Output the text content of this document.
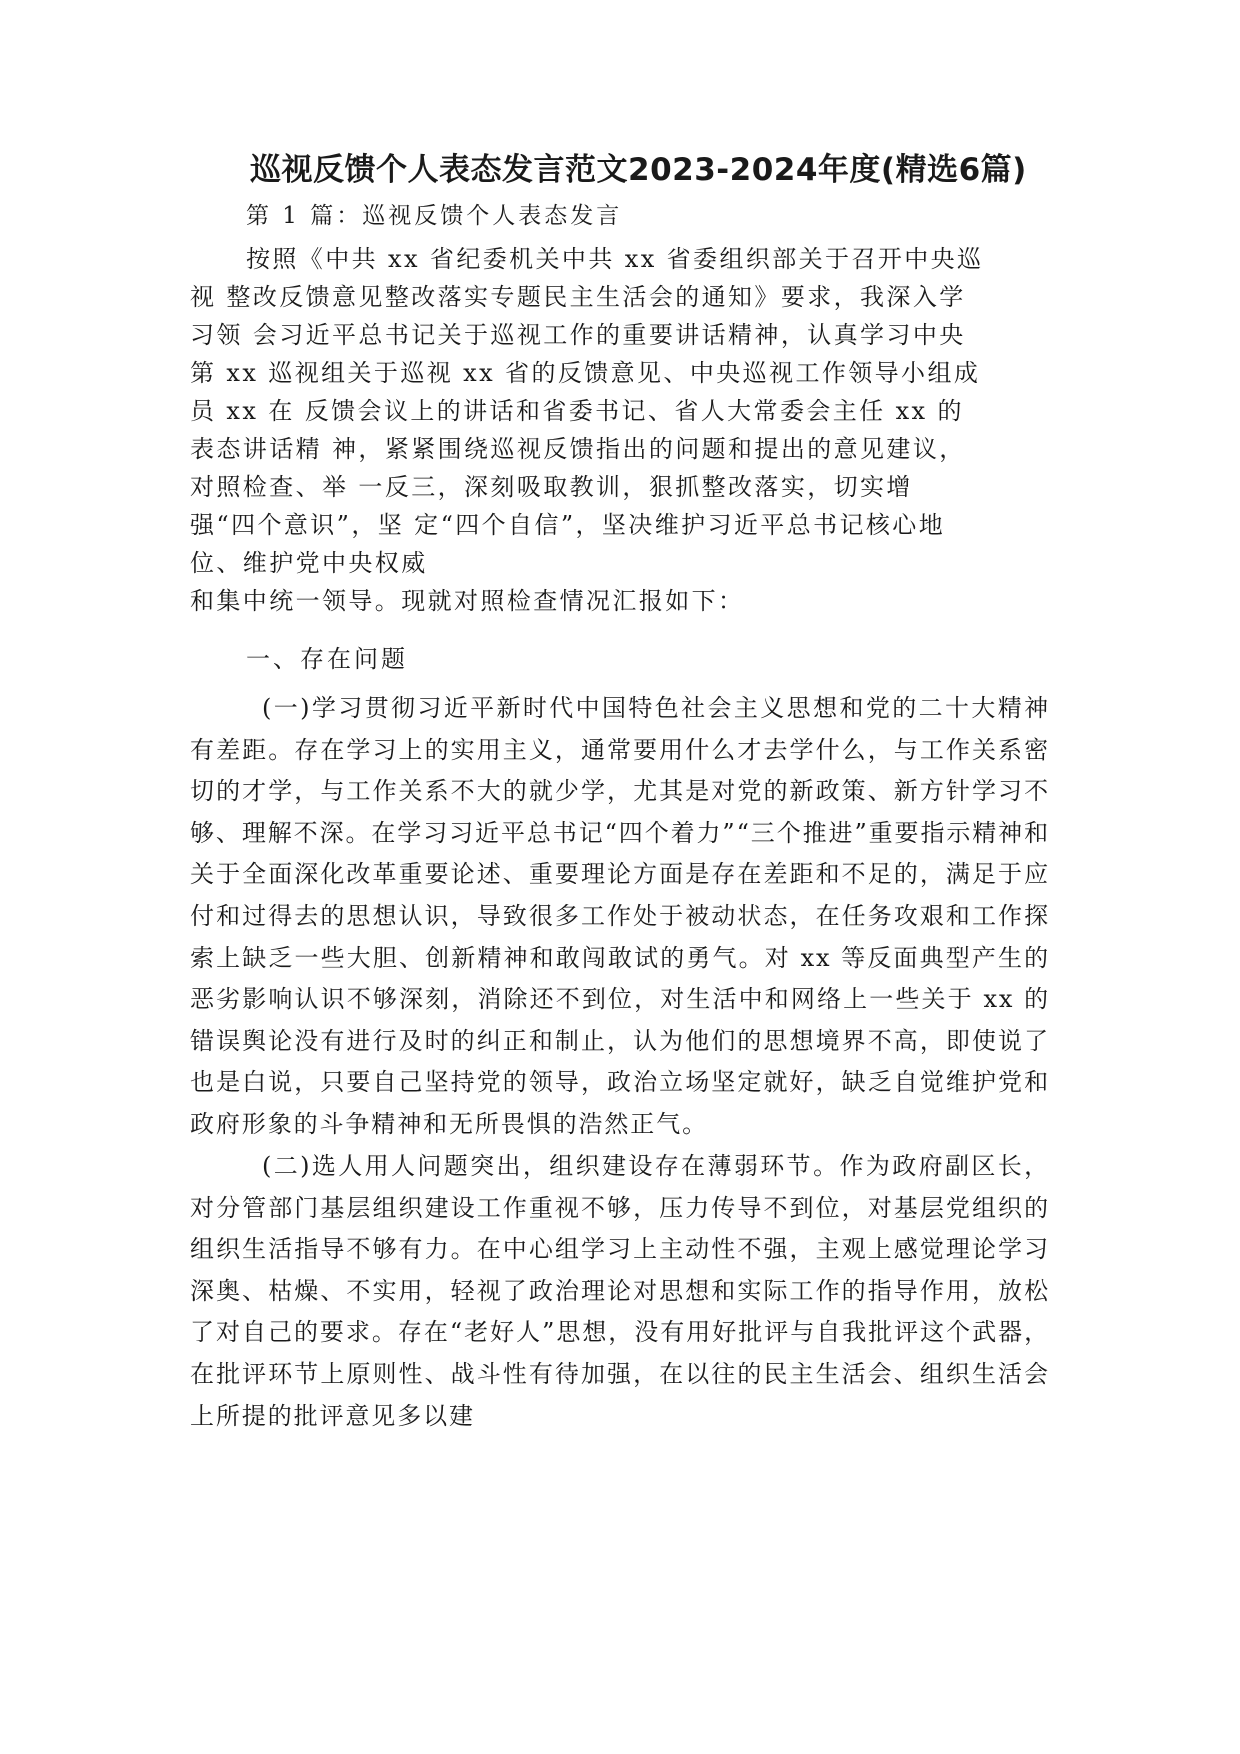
巡视反馈个人表态发言范文2023-2024年度(精选6篇)
第 1 篇：巡视反馈个人表态发言
按照《中共 xx 省纪委机关中共 xx 省委组织部关于召开中央巡
视 整改反馈意见整改落实专题民主生活会的通知》要求，我深入学
习领 会习近平总书记关于巡视工作的重要讲话精神，认真学习中央
第 xx 巡视组关于巡视 xx 省的反馈意见、中央巡视工作领导小组成
员 xx 在 反馈会议上的讲话和省委书记、省人大常委会主任 xx 的
表态讲话精 神，紧紧围绕巡视反馈指出的问题和提出的意见建议，
对照检查、举 一反三，深刻吸取教训，狠抓整改落实，切实增
强“四个意识”，坚 定“四个自信”，坚决维护习近平总书记核心地
位、维护党中央权威
和集中统一领导。现就对照检查情况汇报如下：
一、存在问题

(一)学习贯彻习近平新时代中国特色社会主义思想和党的二十大精神有差距。存在学习上的实用主义，通常要用什么才去学什么，与工作关系密切的才学，与工作关系不大的就少学，尤其是对党的新政策、新方针学习不够、理解不深。在学习习近平总书记“四个着力”“三个推进”重要指示精神和关于全面深化改革重要论述、重要理论方面是存在差距和不足的，满足于应付和过得去的思想认识，导致很多工作处于被动状态，在任务攻艰和工作探索上缺乏一些大胆、创新精神和敢闯敢试的勇气。对 xx 等反面典型产生的恶劣影响认识不够深刻，消除还不到位，对生活中和网络上一些关于 xx 的错误舆论没有进行及时的纠正和制止，认为他们的思想境界不高，即使说了也是白说，只要自己坚持党的领导，政治立场坚定就好，缺乏自觉维护党和政府形象的斗争精神和无所畏惧的浩然正气。

(二)选人用人问题突出，组织建设存在薄弱环节。作为政府副区长，对分管部门基层组织建设工作重视不够，压力传导不到位，对基层党组织的组织生活指导不够有力。在中心组学习上主动性不强，主观上感觉理论学习深奥、枯燥、不实用，轻视了政治理论对思想和实际工作的指导作用，放松了对自己的要求。存在“老好人”思想，没有用好批评与自我批评这个武器，在批评环节上原则性、战斗性有待加强，在以往的民主生活会、组织生活会上所提的批评意见多以建
